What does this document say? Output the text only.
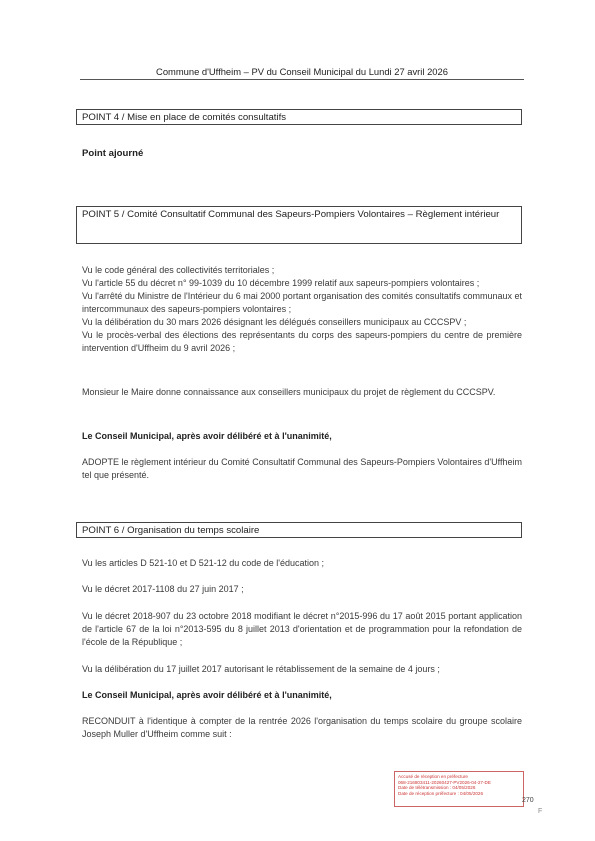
Commune d'Uffheim – PV du Conseil Municipal du Lundi 27 avril 2026
POINT 4 / Mise en place de comités consultatifs
Point ajourné
POINT 5 / Comité Consultatif Communal des Sapeurs-Pompiers Volontaires – Règlement intérieur

Vu le code général des collectivités territoriales ;

Vu l'article 55 du décret n° 99-1039 du 10 décembre 1999 relatif aux sapeurs-pompiers volontaires ;

Vu l'arrêté du Ministre de l'Intérieur du 6 mai 2000 portant organisation des comités consultatifs communaux et intercommunaux des sapeurs-pompiers volontaires ;

Vu la délibération du 30 mars 2026 désignant les délégués conseillers municipaux au CCCSPV ;

Vu le procès-verbal des élections des représentants du corps des sapeurs-pompiers du centre de première intervention d'Uffheim du 9 avril 2026 ;

Monsieur le Maire donne connaissance aux conseillers municipaux du projet de règlement du CCCSPV.
Le Conseil Municipal, après avoir délibéré et à l'unanimité,
ADOPTE le règlement intérieur du Comité Consultatif Communal des Sapeurs-Pompiers Volontaires d'Uffheim tel que présenté.
POINT 6 / Organisation du temps scolaire
Vu les articles D 521-10 et D 521-12 du code de l'éducation ;
Vu le décret 2017-1108 du 27 juin 2017 ;
Vu le décret 2018-907 du 23 octobre 2018 modifiant le décret n°2015-996 du 17 août 2015 portant application de l'article 67 de la loi n°2013-595 du 8 juillet 2013 d'orientation et de programmation pour la refondation de l'école de la République ;
Vu la délibération du 17 juillet 2017 autorisant le rétablissement de la semaine de 4 jours ;
Le Conseil Municipal, après avoir délibéré et à l'unanimité,
RECONDUIT à l'identique à compter de la rentrée 2026 l'organisation du temps scolaire du groupe scolaire Joseph Muller d'Uffheim comme suit :
Accusé de réception en préfecture
068-216803411-20260427-PV2026-04-27-DE
Date de télétransmission : 04/05/2026
Date de réception préfecture : 04/05/2026
270
F
